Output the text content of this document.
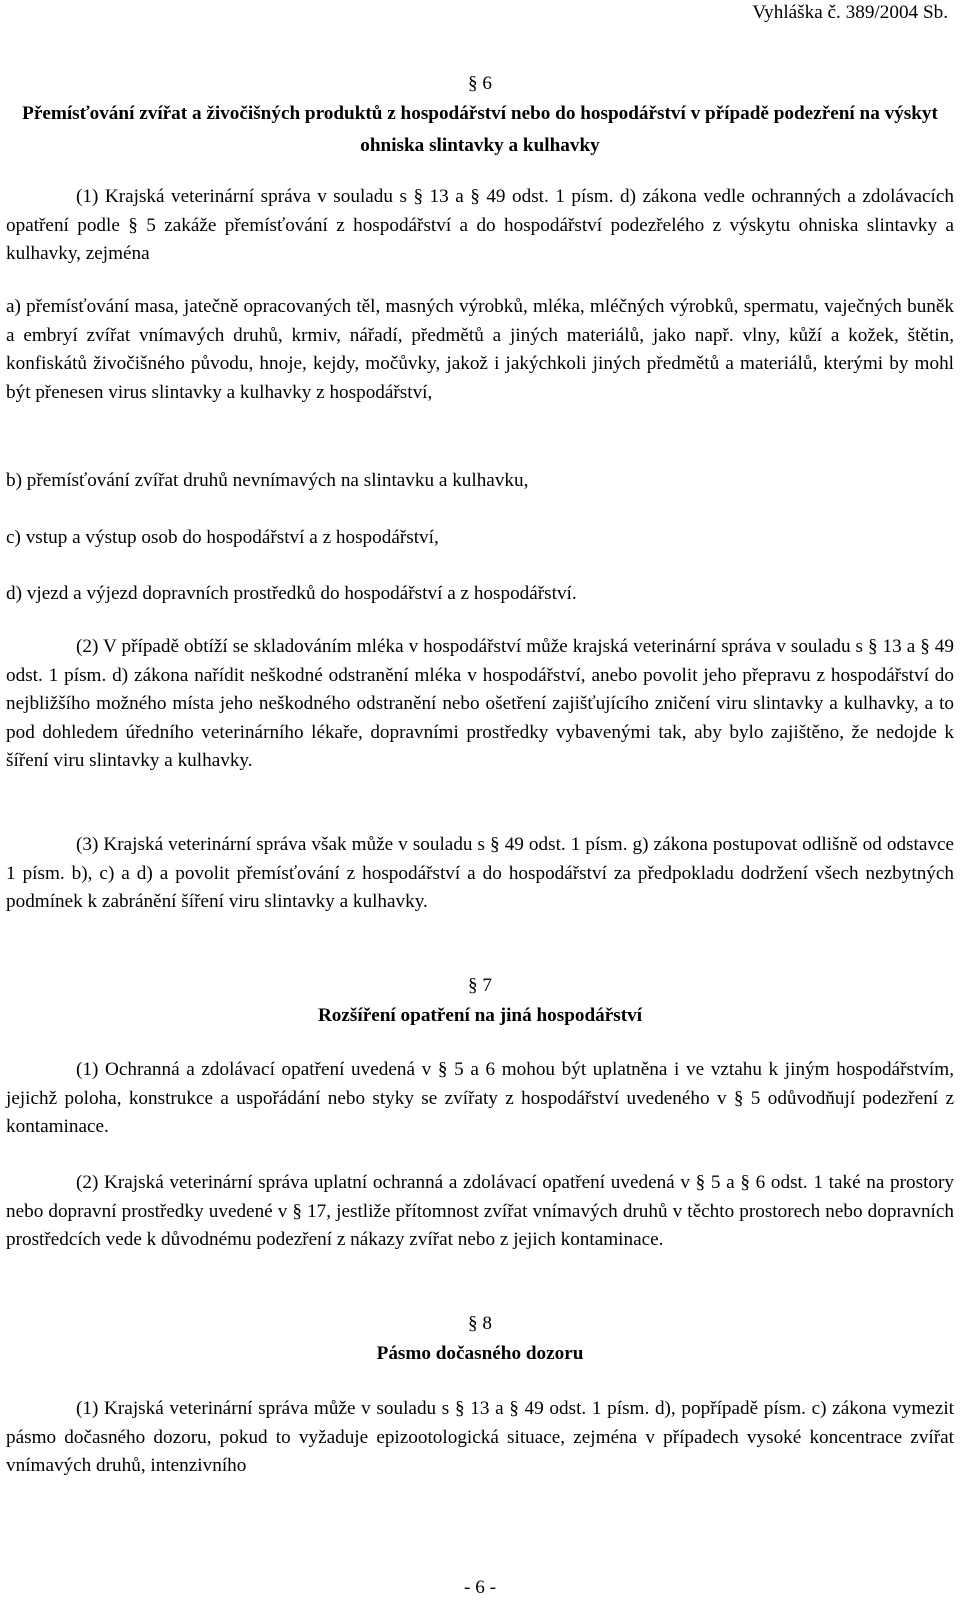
Vyhláška č. 389/2004 Sb.
§ 6
Přemísťování zvířat a živočišných produktů z hospodářství nebo do hospodářství v případě podezření na výskyt ohniska slintavky a kulhavky
(1) Krajská veterinární správa v souladu s § 13 a § 49 odst. 1 písm. d) zákona vedle ochranných a zdolávacích opatření podle § 5 zakáže přemísťování z hospodářství a do hospodářství podezřelého z výskytu ohniska slintavky a kulhavky, zejména
a) přemísťování masa, jatečně opracovaných těl, masných výrobků, mléka, mléčných výrobků, spermatu, vaječných buněk a embryí zvířat vnímavých druhů, krmiv, nářadí, předmětů a jiných materiálů, jako např. vlny, kůží a kožek, štětin, konfiskátů živočišného původu, hnoje, kejdy, močůvky, jakož i jakýchkoli jiných předmětů a materiálů, kterými by mohl být přenesen virus slintavky a kulhavky z hospodářství,
b) přemísťování zvířat druhů nevnímavých na slintavku a kulhavku,
c) vstup a výstup osob do hospodářství a z hospodářství,
d) vjezd a výjezd dopravních prostředků do hospodářství a z hospodářství.
(2) V případě obtíží se skladováním mléka v hospodářství může krajská veterinární správa v souladu s § 13 a § 49 odst. 1 písm. d) zákona nařídit neškodné odstranění mléka v hospodářství, anebo povolit jeho přepravu z hospodářství do nejbližšího možného místa jeho neškodného odstranění nebo ošetření zajišťujícího zničení viru slintavky a kulhavky, a to pod dohledem úředního veterinárního lékaře, dopravními prostředky vybavenými tak, aby bylo zajištěno, že nedojde k šíření viru slintavky a kulhavky.
(3) Krajská veterinární správa však může v souladu s § 49 odst. 1 písm. g) zákona postupovat odlišně od odstavce 1 písm. b), c) a d) a povolit přemísťování z hospodářství a do hospodářství za předpokladu dodržení všech nezbytných podmínek k zabránění šíření viru slintavky a kulhavky.
§ 7
Rozšíření opatření na jiná hospodářství
(1) Ochranná a zdolávací opatření uvedená v § 5 a 6 mohou být uplatněna i ve vztahu k jiným hospodářstvím, jejichž poloha, konstrukce a uspořádání nebo styky se zvířaty z hospodářství uvedeného v § 5 odůvodňují podezření z kontaminace.
(2) Krajská veterinární správa uplatní ochranná a zdolávací opatření uvedená v § 5 a § 6 odst. 1 také na prostory nebo dopravní prostředky uvedené v § 17, jestliže přítomnost zvířat vnímavých druhů v těchto prostorech nebo dopravních prostředcích vede k důvodnému podezření z nákazy zvířat nebo z jejich kontaminace.
§ 8
Pásmo dočasného dozoru
(1) Krajská veterinární správa může v souladu s § 13 a § 49 odst. 1 písm. d), popřípadě písm. c) zákona vymezit pásmo dočasného dozoru, pokud to vyžaduje epizootologická situace, zejména v případech vysoké koncentrace zvířat vnímavých druhů, intenzivního
- 6 -
